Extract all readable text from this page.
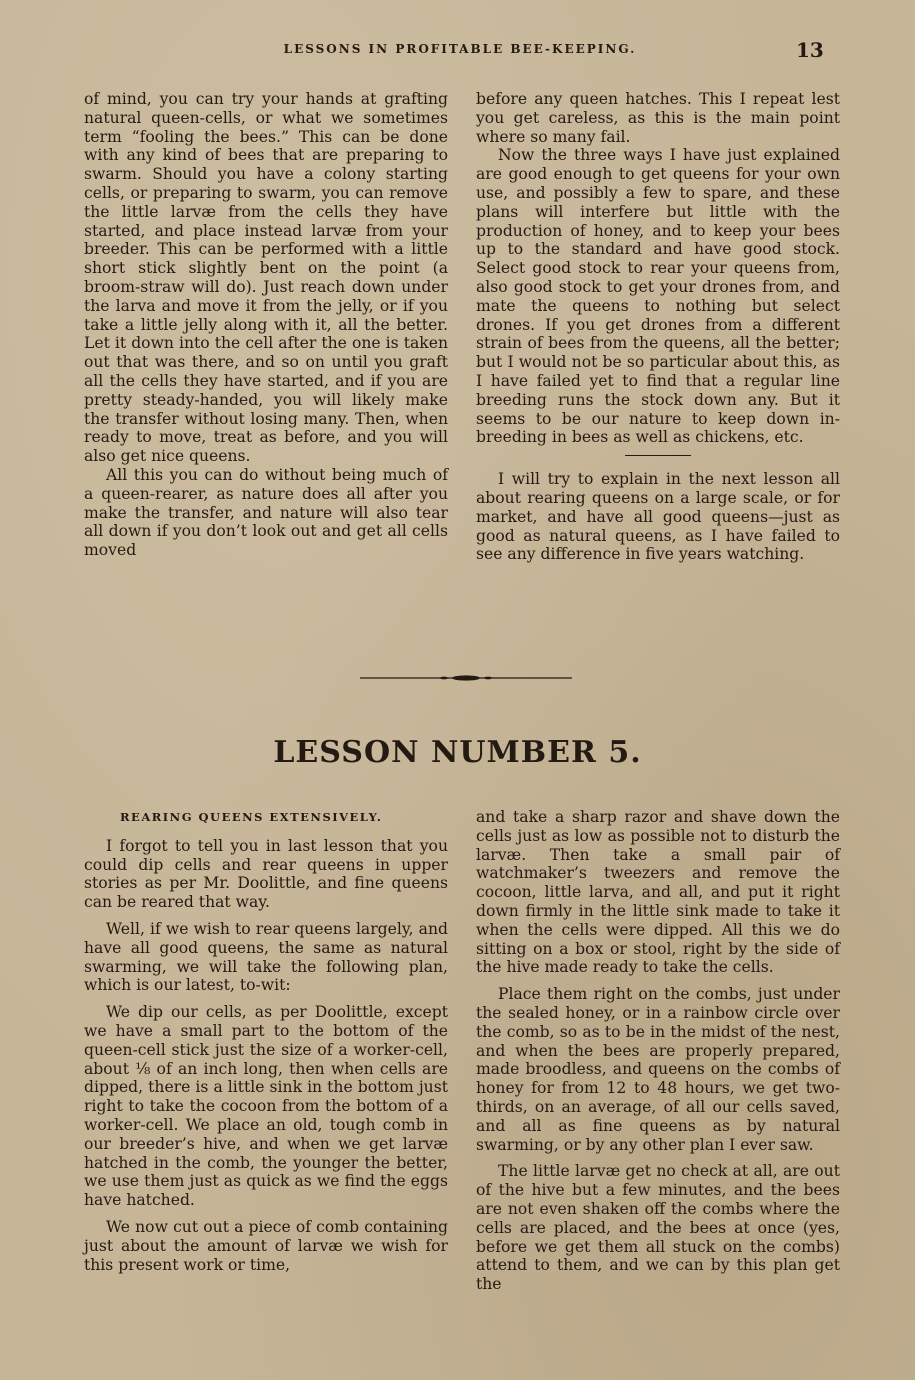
LESSONS IN PROFITABLE BEE-KEEPING.	13

of mind, you can try your hands at grafting natural queen-cells, or what we sometimes term “fooling the bees.” This can be done with any kind of bees that are preparing to swarm. Should you have a colony starting cells, or preparing to swarm, you can remove the little larvæ from the cells they have started, and place instead larvæ from your breeder. This can be performed with a little short stick slightly bent on the point (a broom-straw will do). Just reach down under the larva and move it from the jelly, or if you take a little jelly along with it, all the better. Let it down into the cell after the one is taken out that was there, and so on until you graft all the cells they have started, and if you are pretty steady-handed, you will likely make the transfer without losing many. Then, when ready to move, treat as before, and you will also get nice queens.

All this you can do without being much of a queen-rearer, as nature does all after you make the transfer, and nature will also tear all down if you don’t look out and get all cells moved

before any queen hatches. This I repeat lest you get careless, as this is the main point where so many fail.

Now the three ways I have just explained are good enough to get queens for your own use, and possibly a few to spare, and these plans will interfere but little with the production of honey, and to keep your bees up to the standard and have good stock. Select good stock to rear your queens from, also good stock to get your drones from, and mate the queens to nothing but select drones. If you get drones from a different strain of bees from the queens, all the better; but I would not be so particular about this, as I have failed yet to find that a regular line breeding runs the stock down any. But it seems to be our nature to keep down in-breeding in bees as well as chickens, etc.

I will try to explain in the next lesson all about rearing queens on a large scale, or for market, and have all good queens—just as good as natural queens, as I have failed to see any difference in five years watching.

LESSON NUMBER 5.

REARING QUEENS EXTENSIVELY.

I forgot to tell you in last lesson that you could dip cells and rear queens in upper stories as per Mr. Doolittle, and fine queens can be reared that way.

Well, if we wish to rear queens largely, and have all good queens, the same as natural swarming, we will take the following plan, which is our latest, to-wit:

We dip our cells, as per Doolittle, except we have a small part to the bottom of the queen-cell stick just the size of a worker-cell, about ⅛ of an inch long, then when cells are dipped, there is a little sink in the bottom just right to take the cocoon from the bottom of a worker-cell. We place an old, tough comb in our breeder’s hive, and when we get larvæ hatched in the comb, the younger the better, we use them just as quick as we find the eggs have hatched.

We now cut out a piece of comb containing just about the amount of larvæ we wish for this present work or time,

and take a sharp razor and shave down the cells just as low as possible not to disturb the larvæ. Then take a small pair of watchmaker’s tweezers and remove the cocoon, little larva, and all, and put it right down firmly in the little sink made to take it when the cells were dipped. All this we do sitting on a box or stool, right by the side of the hive made ready to take the cells.

Place them right on the combs, just under the sealed honey, or in a rainbow circle over the comb, so as to be in the midst of the nest, and when the bees are properly prepared, made broodless, and queens on the combs of honey for from 12 to 48 hours, we get two-thirds, on an average, of all our cells saved, and all as fine queens as by natural swarming, or by any other plan I ever saw.

The little larvæ get no check at all, are out of the hive but a few minutes, and the bees are not even shaken off the combs where the cells are placed, and the bees at once (yes, before we get them all stuck on the combs) attend to them, and we can by this plan get the
